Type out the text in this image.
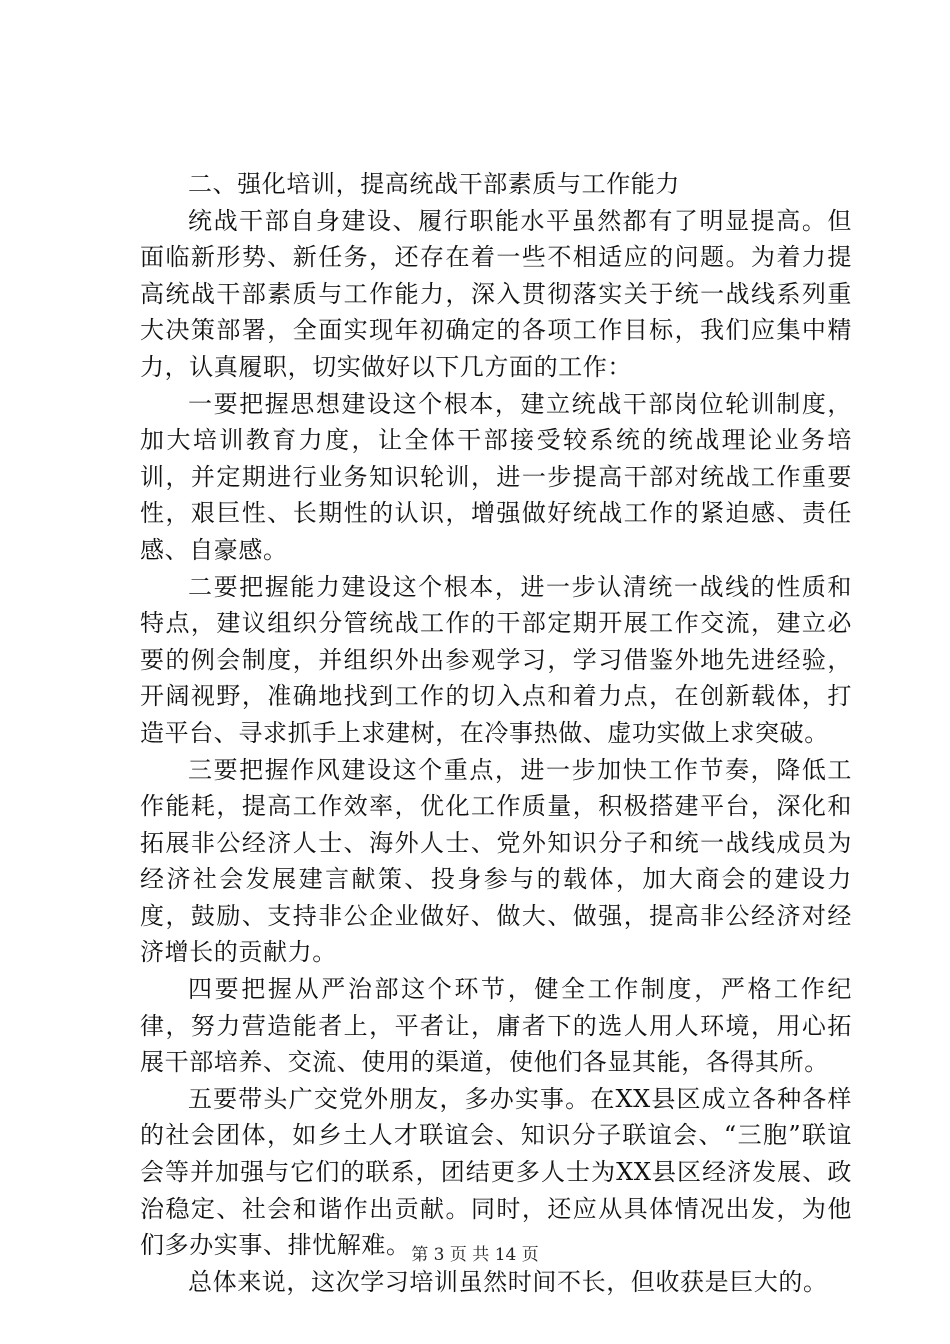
二、强化培训，提高统战干部素质与工作能力

统战干部自身建设、履行职能水平虽然都有了明显提高。但面临新形势、新任务，还存在着一些不相适应的问题。为着力提高统战干部素质与工作能力，深入贯彻落实关于统一战线系列重大决策部署，全面实现年初确定的各项工作目标，我们应集中精力，认真履职，切实做好以下几方面的工作：

一要把握思想建设这个根本，建立统战干部岗位轮训制度，加大培训教育力度，让全体干部接受较系统的统战理论业务培训，并定期进行业务知识轮训，进一步提高干部对统战工作重要性，艰巨性、长期性的认识，增强做好统战工作的紧迫感、责任感、自豪感。

二要把握能力建设这个根本，进一步认清统一战线的性质和特点，建议组织分管统战工作的干部定期开展工作交流，建立必要的例会制度，并组织外出参观学习，学习借鉴外地先进经验，开阔视野，准确地找到工作的切入点和着力点，在创新载体，打造平台、寻求抓手上求建树，在冷事热做、虚功实做上求突破。

三要把握作风建设这个重点，进一步加快工作节奏，降低工作能耗，提高工作效率，优化工作质量，积极搭建平台，深化和拓展非公经济人士、海外人士、党外知识分子和统一战线成员为经济社会发展建言献策、投身参与的载体，加大商会的建设力度，鼓励、支持非公企业做好、做大、做强，提高非公经济对经济增长的贡献力。

四要把握从严治部这个环节，健全工作制度，严格工作纪律，努力营造能者上，平者让，庸者下的选人用人环境，用心拓展干部培养、交流、使用的渠道，使他们各显其能，各得其所。

五要带头广交党外朋友，多办实事。在XX县区成立各种各样的社会团体，如乡土人才联谊会、知识分子联谊会、“三胞”联谊会等并加强与它们的联系，团结更多人士为XX县区经济发展、政治稳定、社会和谐作出贡献。同时，还应从具体情况出发，为他们多办实事、排忧解难。

总体来说，这次学习培训虽然时间不长，但收获是巨大的。

第 3 页 共 14 页
